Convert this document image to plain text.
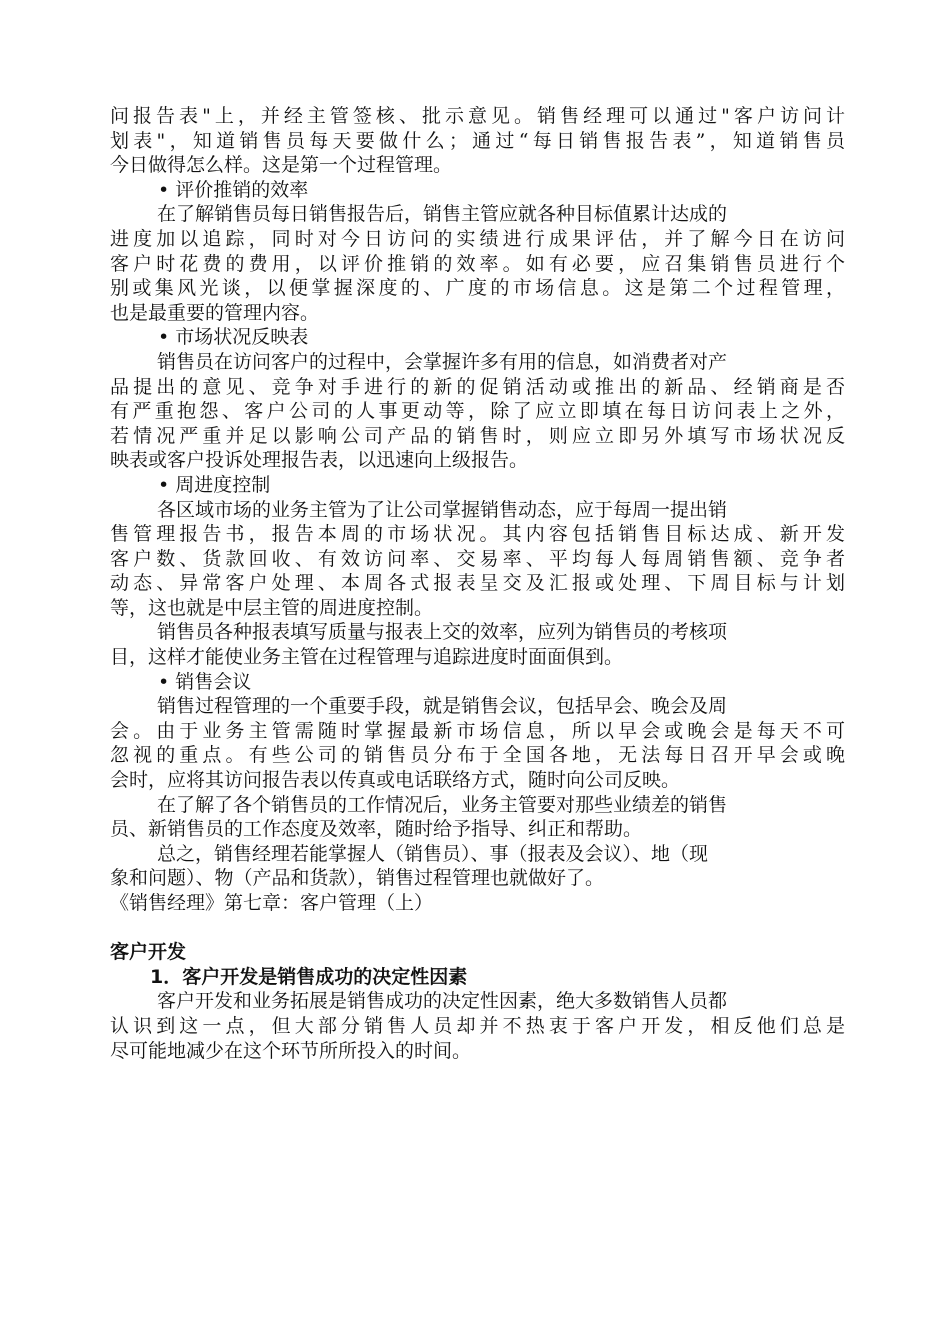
问报告表"上，并经主管签核、批示意见。销售经理可以通过"客户访问计
划表"，知道销售员每天要做什么；通过“每日销售报告表”，知道销售员
今日做得怎么样。这是第一个过程管理。
• 评价推销的效率
在了解销售员每日销售报告后，销售主管应就各种目标值累计达成的
进度加以追踪，同时对今日访问的实绩进行成果评估，并了解今日在访问
客户时花费的费用，以评价推销的效率。如有必要，应召集销售员进行个
别或集风光谈，以便掌握深度的、广度的市场信息。这是第二个过程管理，
也是最重要的管理内容。
• 市场状况反映表
销售员在访问客户的过程中，会掌握许多有用的信息，如消费者对产
品提出的意见、竞争对手进行的新的促销活动或推出的新品、经销商是否
有严重抱怨、客户公司的人事更动等，除了应立即填在每日访问表上之外，
若情况严重并足以影响公司产品的销售时，则应立即另外填写市场状况反
映表或客户投诉处理报告表，以迅速向上级报告。
• 周进度控制
各区域市场的业务主管为了让公司掌握销售动态，应于每周一提出销
售管理报告书，报告本周的市场状况。其内容包括销售目标达成、新开发
客户数、货款回收、有效访问率、交易率、平均每人每周销售额、竞争者
动态、异常客户处理、本周各式报表呈交及汇报或处理、下周目标与计划
等，这也就是中层主管的周进度控制。
销售员各种报表填写质量与报表上交的效率，应列为销售员的考核项
目，这样才能使业务主管在过程管理与追踪进度时面面俱到。
• 销售会议
销售过程管理的一个重要手段，就是销售会议，包括早会、晚会及周
会。由于业务主管需随时掌握最新市场信息，所以早会或晚会是每天不可
忽视的重点。有些公司的销售员分布于全国各地，无法每日召开早会或晚
会时，应将其访问报告表以传真或电话联络方式，随时向公司反映。
在了解了各个销售员的工作情况后，业务主管要对那些业绩差的销售
员、新销售员的工作态度及效率，随时给予指导、纠正和帮助。
总之，销售经理若能掌握人（销售员）、事（报表及会议）、地（现
象和问题）、物（产品和货款），销售过程管理也就做好了。
《销售经理》第七章：客户管理（上）
客户开发
1．客户开发是销售成功的决定性因素
客户开发和业务拓展是销售成功的决定性因素，绝大多数销售人员都
认识到这一点，但大部分销售人员却并不热衷于客户开发，相反他们总是
尽可能地减少在这个环节所所投入的时间。
